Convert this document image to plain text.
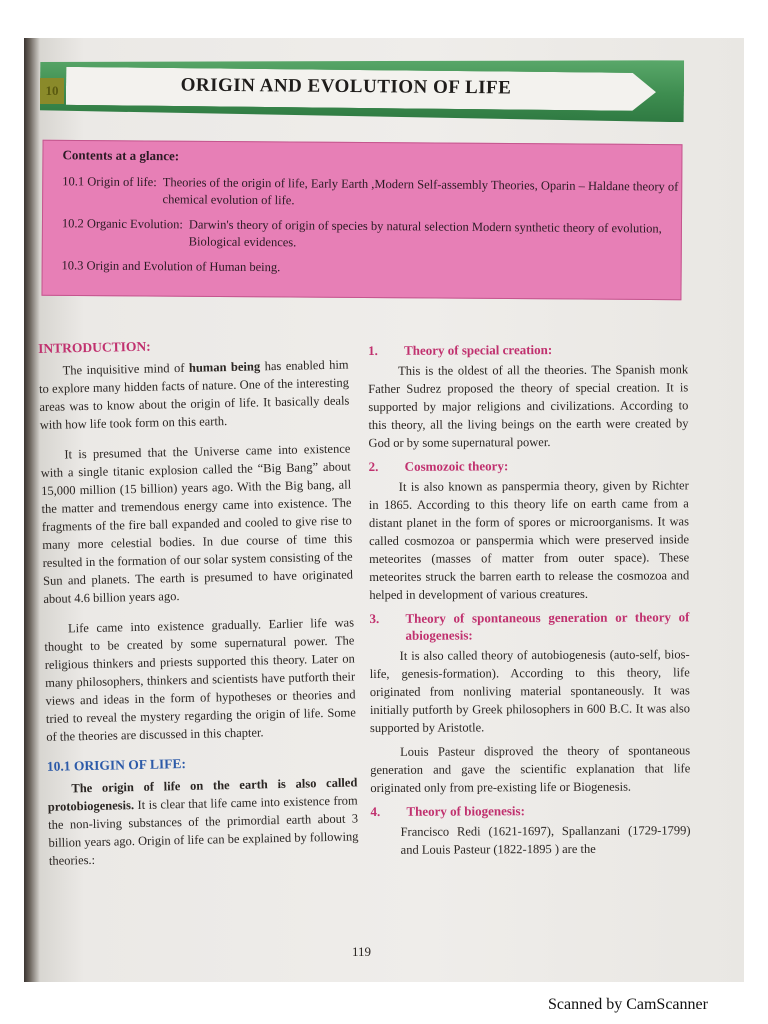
10	ORIGIN AND EVOLUTION OF LIFE
Contents at a glance:
10.1 Origin of life: Theories of the origin of life, Early Earth ,Modern Self-assembly Theories, Oparin – Haldane theory of chemical evolution of life.
10.2 Organic Evolution: Darwin's theory of origin of species by natural selection Modern synthetic theory of evolution, Biological evidences.
10.3 Origin and Evolution of Human being.
INTRODUCTION:

The inquisitive mind of human being has enabled him to explore many hidden facts of nature. One of the interesting areas was to know about the origin of life. It basically deals with how life took form on this earth.

It is presumed that the Universe came into existence with a single titanic explosion called the “Big Bang” about 15,000 million (15 billion) years ago. With the Big bang, all the matter and tremendous energy came into existence. The fragments of the fire ball expanded and cooled to give rise to many more celestial bodies. In due course of time this resulted in the formation of our solar system consisting of the Sun and planets. The earth is presumed to have originated about 4.6 billion years ago.

Life came into existence gradually. Earlier life was thought to be created by some supernatural power. The religious thinkers and priests supported this theory. Later on many philosophers, thinkers and scientists have putforth their views and ideas in the form of hypotheses or theories and tried to reveal the mystery regarding the origin of life. Some of the theories are discussed in this chapter.

10.1 ORIGIN OF LIFE:

The origin of life on the earth is also called protobiogenesis. It is clear that life came into existence from the non-living substances of the primordial earth about 3 billion years ago. Origin of life can be explained by following theories.:

1.	Theory of special creation:

This is the oldest of all the theories. The Spanish monk Father Sudrez proposed the theory of special creation. It is supported by major religions and civilizations. According to this theory, all the living beings on the earth were created by God or by some supernatural power.

2.	Cosmozoic theory:

It is also known as panspermia theory, given by Richter in 1865. According to this theory life on earth came from a distant planet in the form of spores or microorganisms. It was called cosmozoa or panspermia which were preserved inside meteorites (masses of matter from outer space). These meteorites struck the barren earth to release the cosmozoa and helped in development of various creatures.

3.	Theory of spontaneous generation or theory of abiogenesis:

It is also called theory of autobiogenesis (auto-self, bios-life, genesis-formation). According to this theory, life originated from nonliving material spontaneously. It was initially putforth by Greek philosophers in 600 B.C. It was also supported by Aristotle.

Louis Pasteur disproved the theory of spontaneous generation and gave the scientific explanation that life originated only from pre-existing life or Biogenesis.

4.	Theory of biogenesis:

Francisco Redi (1621-1697), Spallanzani (1729-1799) and Louis Pasteur (1822-1895 ) are the

119
Scanned by CamScanner
